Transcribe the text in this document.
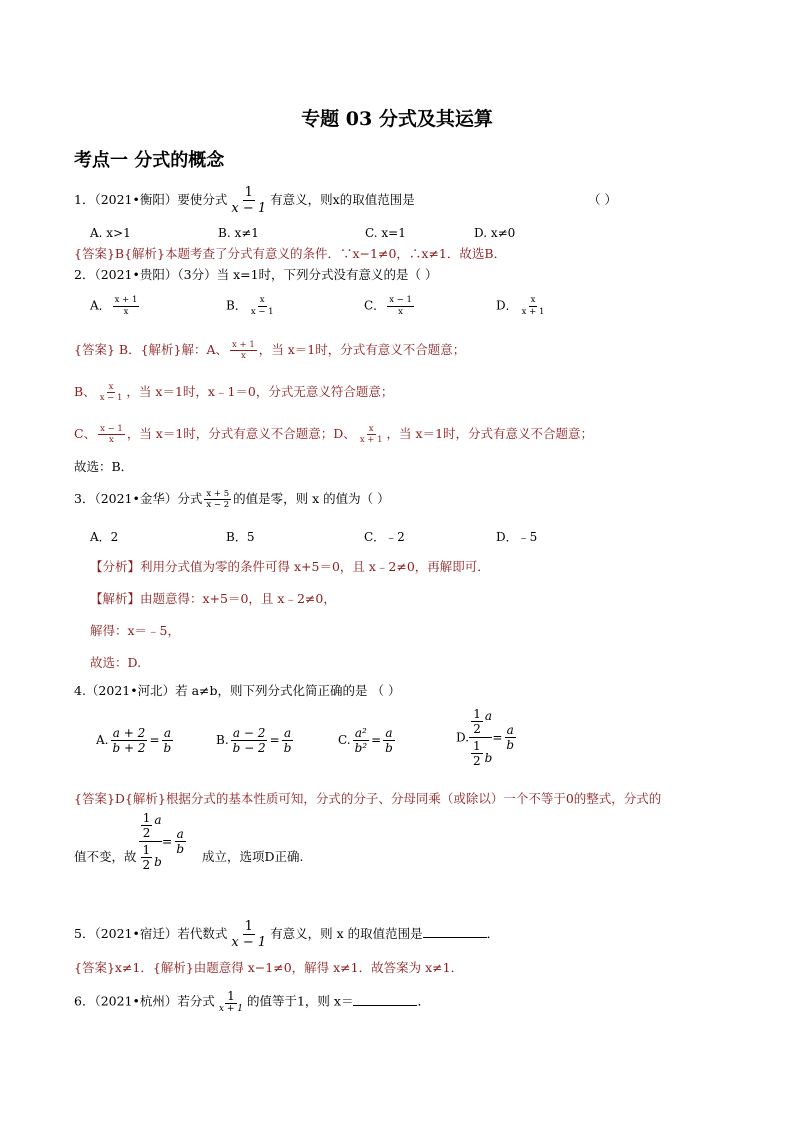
专题 03 分式及其运算
考点一 分式的概念
1．（2021•衡阳）要使分式 $\frac{1}{x - 1}$ 有意义，则x的取值范围是	（ ）
A. x>1	B. x≠1	C. x=1	D. x≠0
{答案}B{解析}本题考查了分式有意义的条件．∵x−1≠0，∴x≠1．故选B．
2．（2021•贵阳）（3分）当 x=1时，下列分式没有意义的是（ ）
A． $\frac{x + 1}{x}$	B． $\frac{x}{x - 1}$	C． $\frac{x - 1}{x}$	D． $\frac{x}{x + 1}$
{答案} B．{解析}解：A、 $\frac{x + 1}{x}$ ，当 x＝1时，分式有意义不合题意；
B、 $\frac{x}{x - 1}$ ，当 x＝1时，x﹣1＝0，分式无意义符合题意；
C、 $\frac{x - 1}{x}$ ，当 x＝1时，分式有意义不合题意；D、 $\frac{x}{x + 1}$ ，当 x＝1时，分式有意义不合题意；
故选：B．
3．（2021•金华）分式 $\frac{x + 5}{x - 2}$ 的值是零，则 x 的值为（ ）
A．2	B．5	C．﹣2	D．﹣5
【分析】利用分式值为零的条件可得 x+5＝0，且 x﹣2≠0，再解即可．
【解析】由题意得：x+5＝0，且 x﹣2≠0，
解得：x＝﹣5，
故选：D.
4.（2021•河北）若 a≠b，则下列分式化简正确的是 （ ）
A. $\frac{a + 2}{b + 2} = \frac{a}{b}$	B. $\frac{a - 2}{b - 2} = \frac{a}{b}$	C. $\frac{\text{a²}}{\text{b²}} = \frac{a}{b}$	D. $\frac{\frac{1}{2} a}{\frac{1}{2} b} = \frac{a}{b}$
{答案}D{解析}根据分式的基本性质可知，分式的分子、分母同乘（或除以）一个不等于0的整式，分式的
值不变，故 $\frac{\frac{1}{2} a}{\frac{1}{2} b} = \frac{a}{b}$
成立，选项D正确.
5．（2021•宿迁）若代数式 $\frac{1}{x - 1}$ 有意义，则 x 的取值范围是	．
{答案}x≠1．{解析}由题意得 x−1≠0，解得 x≠1．故答案为 x≠1．
6．（2021•杭州）若分式 $\frac{1}{x + 1}$ 的值等于1，则 x＝	．
